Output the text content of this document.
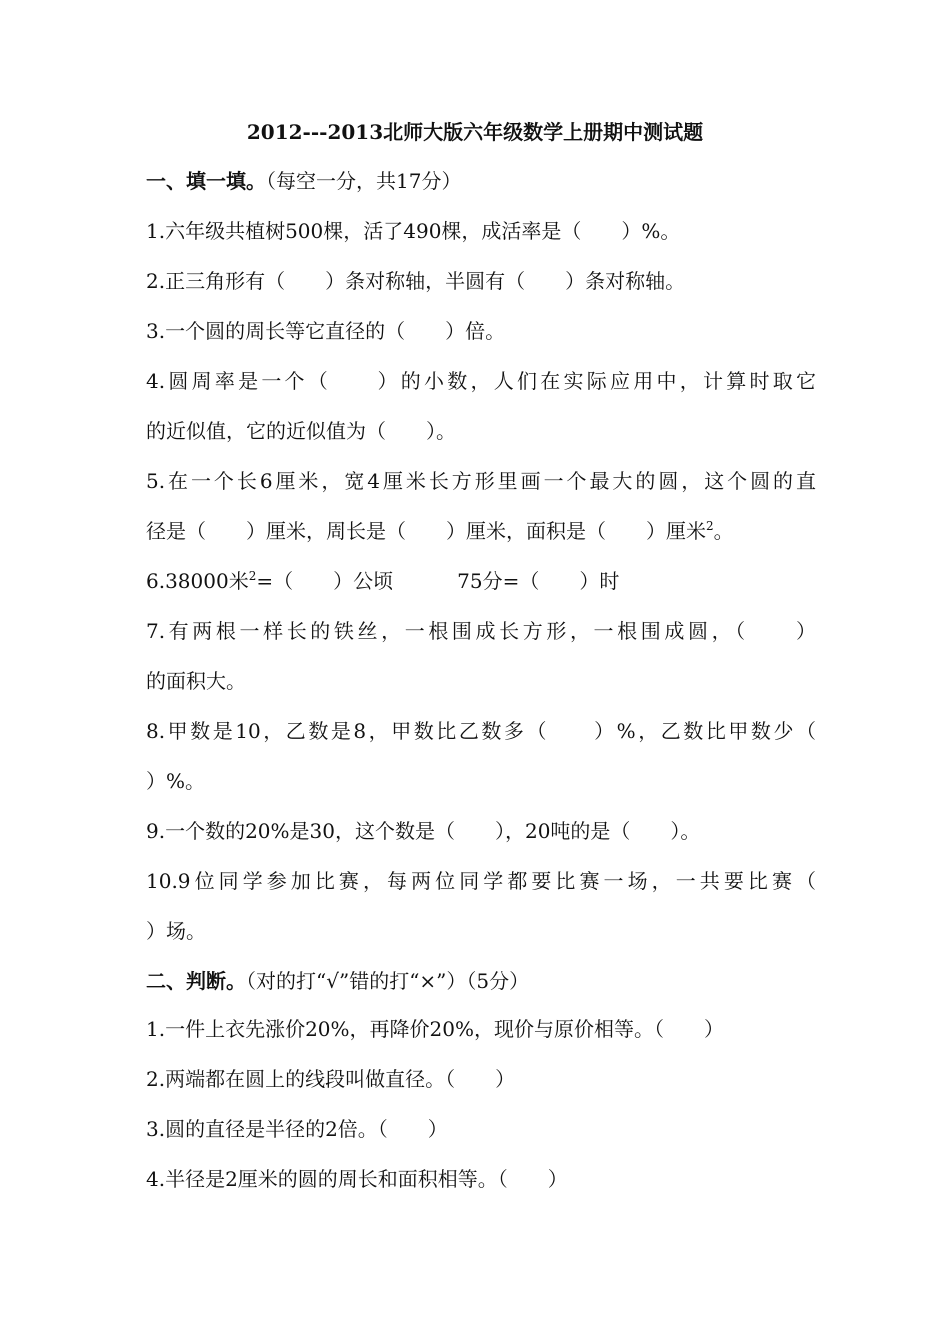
2012---2013北师大版六年级数学上册期中测试题
一、填一填。（每空一分，共17分）
1.六年级共植树500棵，活了490棵，成活率是（　　）%。
2.正三角形有（　　）条对称轴，半圆有（　　）条对称轴。
3.一个圆的周长等它直径的（　　）倍。
4.圆周率是一个（　　）的小数，人们在实际应用中，计算时取它
的近似值，它的近似值为（　　）。
5.在一个长6厘米，宽4厘米长方形里画一个最大的圆，这个圆的直
径是（　　）厘米，周长是（　　）厘米，面积是（　　）厘米$^2$。
6.38000米$^2$=（　　）公顷	75分=（　　）时
7.有两根一样长的铁丝，一根围成长方形，一根围成圆，（　　）
的面积大。
8.甲数是10，乙数是8，甲数比乙数多（　　）%，乙数比甲数少（
）%。
9.一个数的20%是30，这个数是（　　），20吨的是（　　）。
10.9位同学参加比赛，每两位同学都要比赛一场，一共要比赛（
）场。
二、判断。（对的打“√”错的打“×”）（5分）
1.一件上衣先涨价20%，再降价20%，现价与原价相等。（　　）
2.两端都在圆上的线段叫做直径。（　　）
3.圆的直径是半径的2倍。（　　）
4.半径是2厘米的圆的周长和面积相等。（　　）
